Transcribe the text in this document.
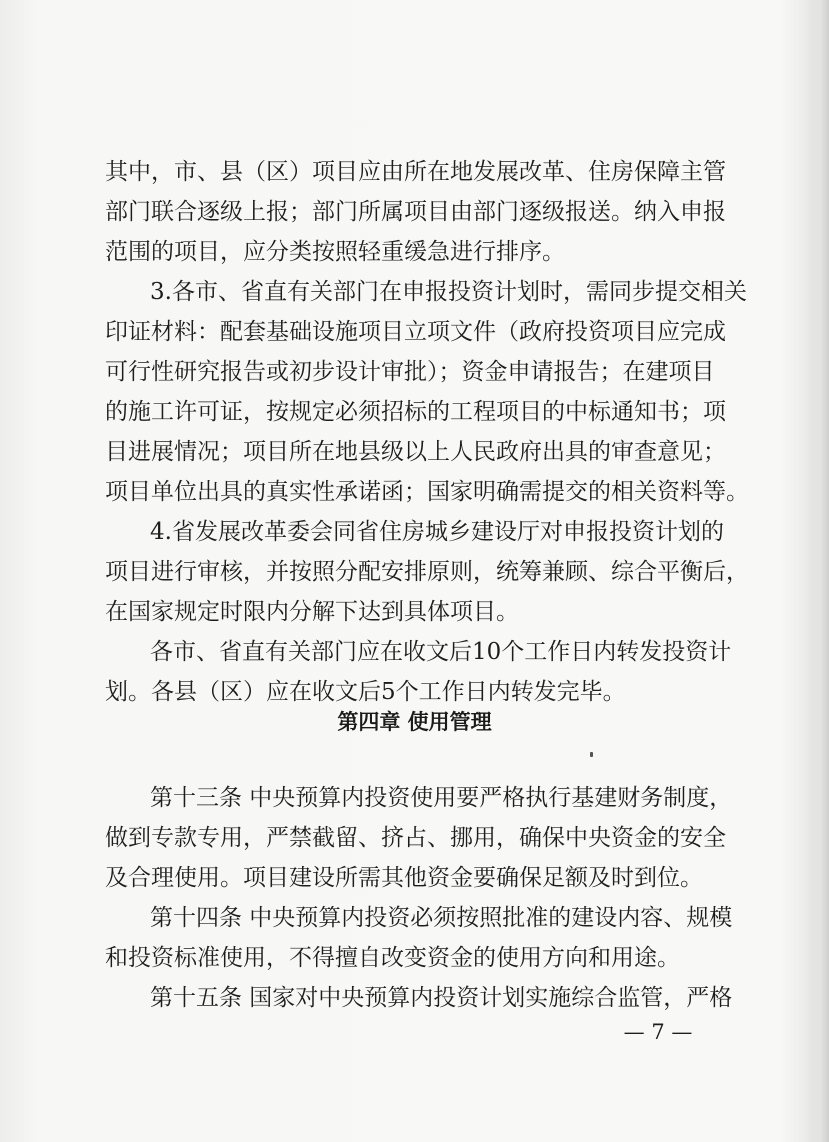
其中，市、县（区）项目应由所在地发展改革、住房保障主管
部门联合逐级上报；部门所属项目由部门逐级报送。纳入申报
范围的项目，应分类按照轻重缓急进行排序。
3.各市、省直有关部门在申报投资计划时，需同步提交相关
印证材料：配套基础设施项目立项文件（政府投资项目应完成
可行性研究报告或初步设计审批）；资金申请报告；在建项目
的施工许可证，按规定必须招标的工程项目的中标通知书；项
目进展情况；项目所在地县级以上人民政府出具的审查意见；
项目单位出具的真实性承诺函；国家明确需提交的相关资料等。
4.省发展改革委会同省住房城乡建设厅对申报投资计划的
项目进行审核，并按照分配安排原则，统筹兼顾、综合平衡后，
在国家规定时限内分解下达到具体项目。
各市、省直有关部门应在收文后10个工作日内转发投资计
划。各县（区）应在收文后5个工作日内转发完毕。
第四章 使用管理
第十三条 中央预算内投资使用要严格执行基建财务制度，
做到专款专用，严禁截留、挤占、挪用，确保中央资金的安全
及合理使用。项目建设所需其他资金要确保足额及时到位。
第十四条 中央预算内投资必须按照批准的建设内容、规模
和投资标准使用，不得擅自改变资金的使用方向和用途。
第十五条 国家对中央预算内投资计划实施综合监管，严格
— 7 —
